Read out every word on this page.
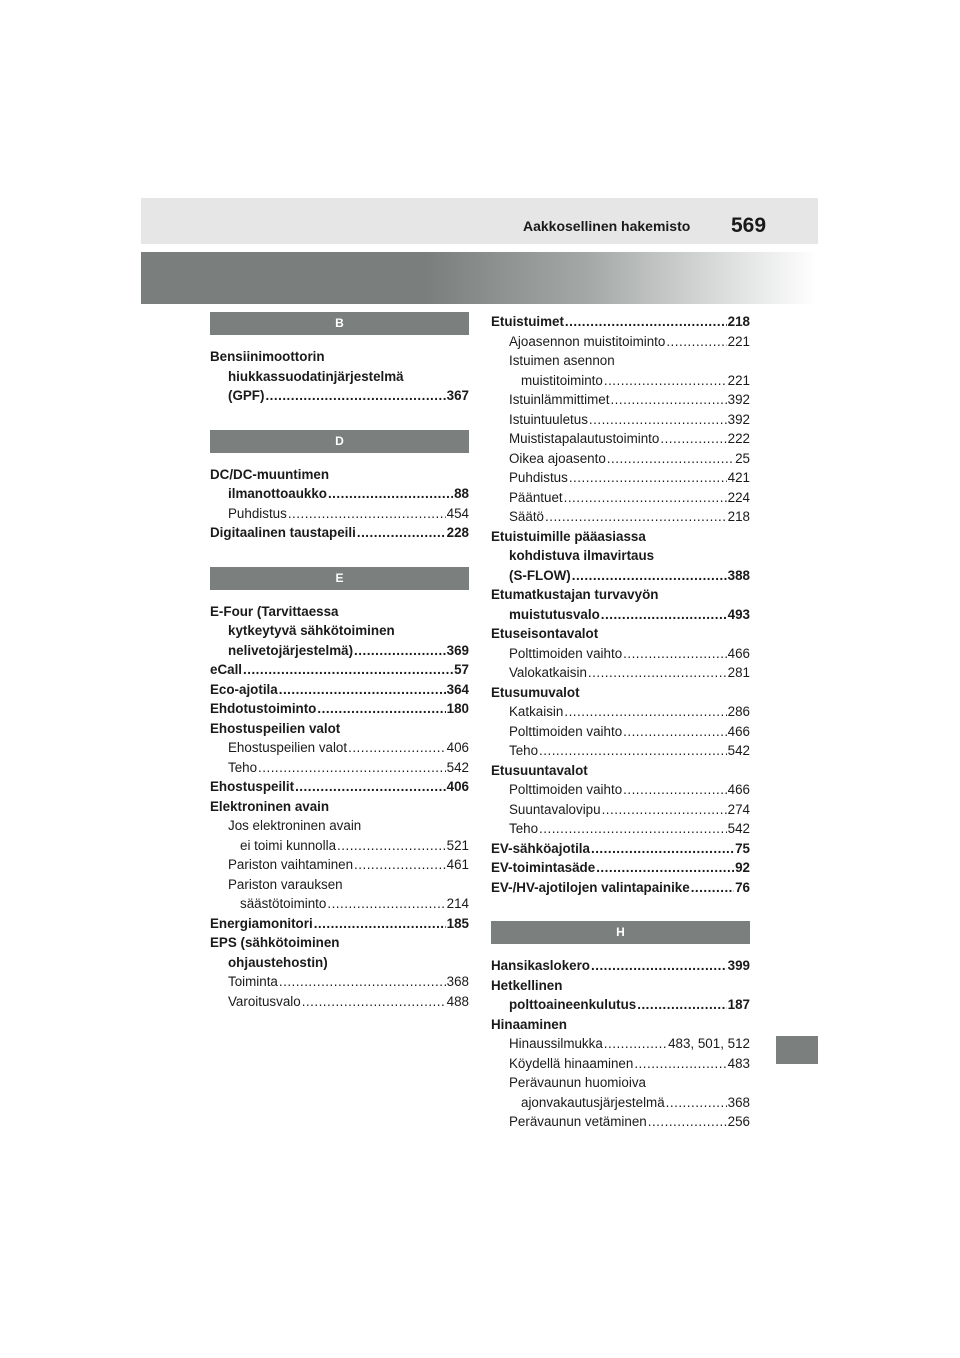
Aakkosellinen hakemisto 569
B
Bensiinimoottorin
hiukkassuodatinjärjestelmä
(GPF) .....	367
D
DC/DC-muuntimen
ilmanottoaukko .....	88
Puhdistus .....	454
Digitaalinen taustapeili .....	228
E
E-Four (Tarvittaessa
kytkeytyvä sähkötoiminen
nelivetojärjestelmä) .....	369
eCall .....	57
Eco-ajotila .....	364
Ehdotustoiminto .....	180
Ehostuspeilien valot
Ehostuspeilien valot .....	406
Teho .....	542
Ehostuspeilit .....	406
Elektroninen avain
Jos elektroninen avain
ei toimi kunnolla .....	521
Pariston vaihtaminen .....	461
Pariston varauksen
säästötoiminto .....	214
Energiamonitori .....	185
EPS (sähkötoiminen
ohjaustehostin)
Toiminta .....	368
Varoitusvalo .....	488
Etuistuimet .....	218
Ajoasennon muistitoiminto .....	221
Istuimen asennon
muistitoiminto .....	221
Istuinlämmittimet .....	392
Istuintuuletus .....	392
Muististapalautustoiminto .....	222
Oikea ajoasento .....	25
Puhdistus .....	421
Pääntuet .....	224
Säätö .....	218
Etuistuimille pääasiassa
kohdistuva ilmavirtaus
(S-FLOW) .....	388
Etumatkustajan turvavyön
muistutusvalo .....	493
Etuseisontavalot
Polttimoiden vaihto .....	466
Valokatkaisin .....	281
Etusumuvalot
Katkaisin .....	286
Polttimoiden vaihto .....	466
Teho .....	542
Etusuuntavalot
Polttimoiden vaihto .....	466
Suuntavalovipu .....	274
Teho .....	542
EV-sähköajotila .....	75
EV-toimintasäde .....	92
EV-/HV-ajotilojen valintapainike .....	76
H
Hansikaslokero .....	399
Hetkellinen
polttoaineenkulutus .....	187
Hinaaminen
Hinaussilmukka .....	483, 501, 512
Köydellä hinaaminen .....	483
Perävaunun huomioiva
ajonvakautusjärjestelmä .....	368
Perävaunun vetäminen .....	256
